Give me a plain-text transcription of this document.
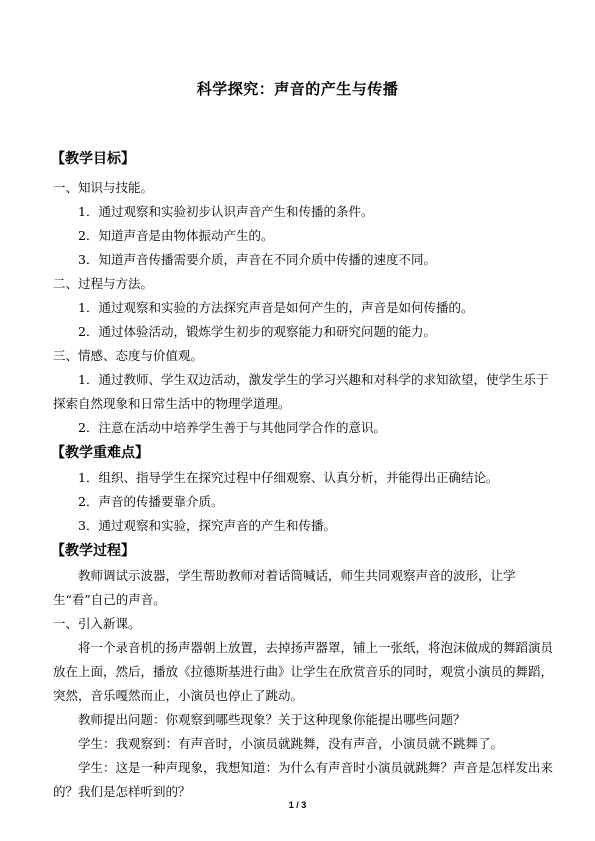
科学探究：声音的产生与传播
【教学目标】
一、知识与技能。
1．通过观察和实验初步认识声音产生和传播的条件。
2．知道声音是由物体振动产生的。
3．知道声音传播需要介质，声音在不同介质中传播的速度不同。
二、过程与方法。
1．通过观察和实验的方法探究声音是如何产生的，声音是如何传播的。
2．通过体验活动，锻炼学生初步的观察能力和研究问题的能力。
三、情感、态度与价值观。
1．通过教师、学生双边活动，激发学生的学习兴趣和对科学的求知欲望，使学生乐于探索自然现象和日常生活中的物理学道理。
2．注意在活动中培养学生善于与其他同学合作的意识。
【教学重难点】
1．组织、指导学生在探究过程中仔细观察、认真分析，并能得出正确结论。
2．声音的传播要靠介质。
3．通过观察和实验，探究声音的产生和传播。
【教学过程】
教师调试示波器，学生帮助教师对着话筒喊话，师生共同观察声音的波形，让学生“看”自己的声音。
一、引入新课。
将一个录音机的扬声器朝上放置，去掉扬声器罩，铺上一张纸，将泡沫做成的舞蹈演员放在上面，然后，播放《拉德斯基进行曲》让学生在欣赏音乐的同时，观赏小演员的舞蹈，突然，音乐嘎然而止，小演员也停止了跳动。
教师提出问题：你观察到哪些现象？关于这种现象你能提出哪些问题？
学生：我观察到：有声音时，小演员就跳舞，没有声音，小演员就不跳舞了。
学生：这是一种声现象，我想知道：为什么有声音时小演员就跳舞？声音是怎样发出来的？我们是怎样听到的？
1 / 3
